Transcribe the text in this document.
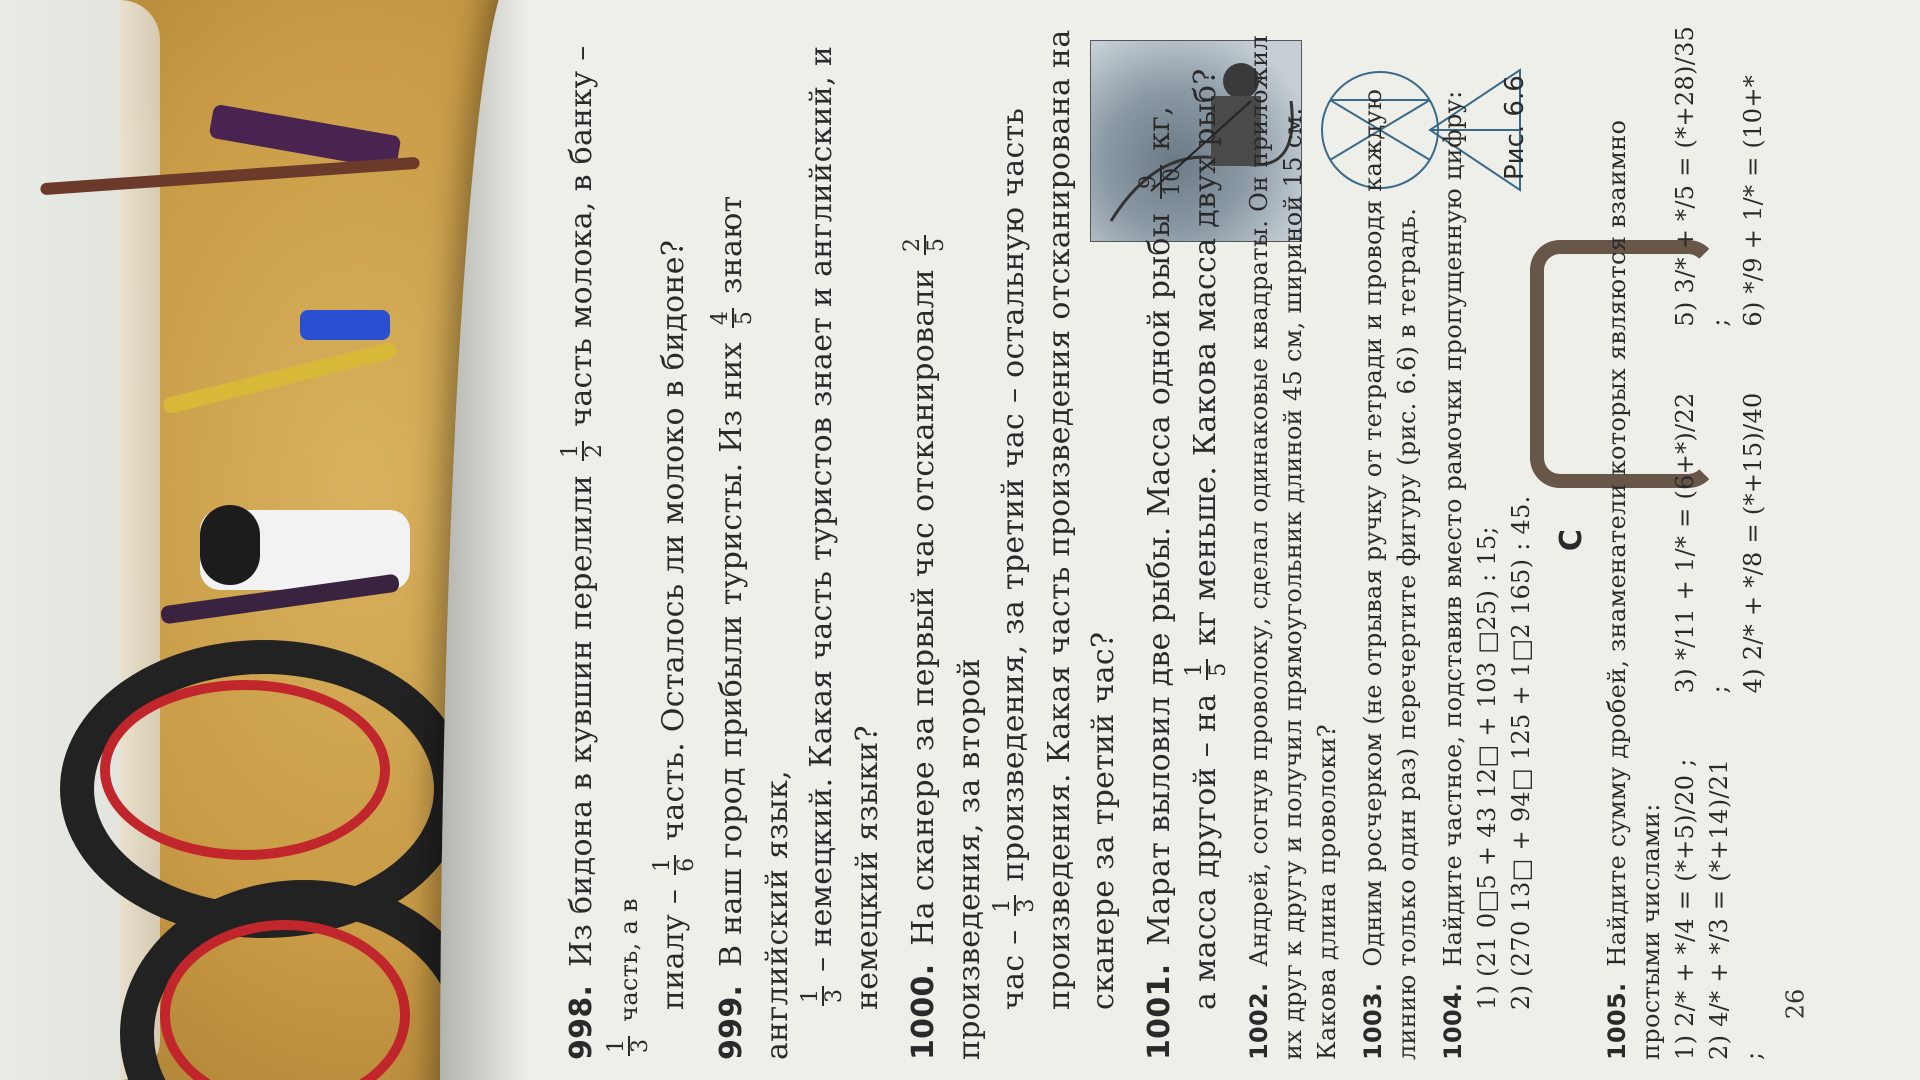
Рис. 6.6
998. Из бидона в кувшин перелили
1 2
часть молока, в банку –
1 3
часть, а в пиалу –
1 6
часть. Осталось ли молоко в бидоне?
999. В наш город прибыли туристы. Из них
4 5
знают английский язык, 1 3
– немецкий. Какая часть туристов знает и английский, и немецкий языки?
1000. На сканере за первый час отсканировали
2 5
произведения, за второй час –
1 3
произведения, за третий час – остальную часть произведения. Какая часть произведения отсканирована на сканере за третий час?
1001. Марат выловил две рыбы. Масса одной рыбы
9 10
кг,
а масса другой – на
1 5
кг меньше. Какова масса двух рыб?
1002. Андрей, согнув проволоку, сделал одинаковые квадраты. Он приложил их друг к другу и получил прямоугольник длиной 45 см, шириной 15 см. Какова длина проволоки? 1003. Одним росчерком (не отрывая ручку от тетради и проводя каждую линию только один раз) перечертите фигуру (рис. 6.6) в тетрадь. 1004. Найдите частное, подставив вместо рамочки пропущенную цифру: 1) (21 0□5 + 43 12□ + 103 □25) : 15; 2) (270 13□ + 94□ 125 + 1□2 165) : 45. C
1005. Найдите сумму дробей, знаменатели которых являются взаимно простыми числами: 1) 2/* + */4 = (*+5)/20 ; 2) 4/* + */3 = (*+14)/21 ;
3) */11 + 1/* = (6+*)/22 ; 4) 2/* + */8 = (*+15)/40
5) 3/* + */5 = (*+28)/35 ; 6) */9 + 1/* = (10+*
26
